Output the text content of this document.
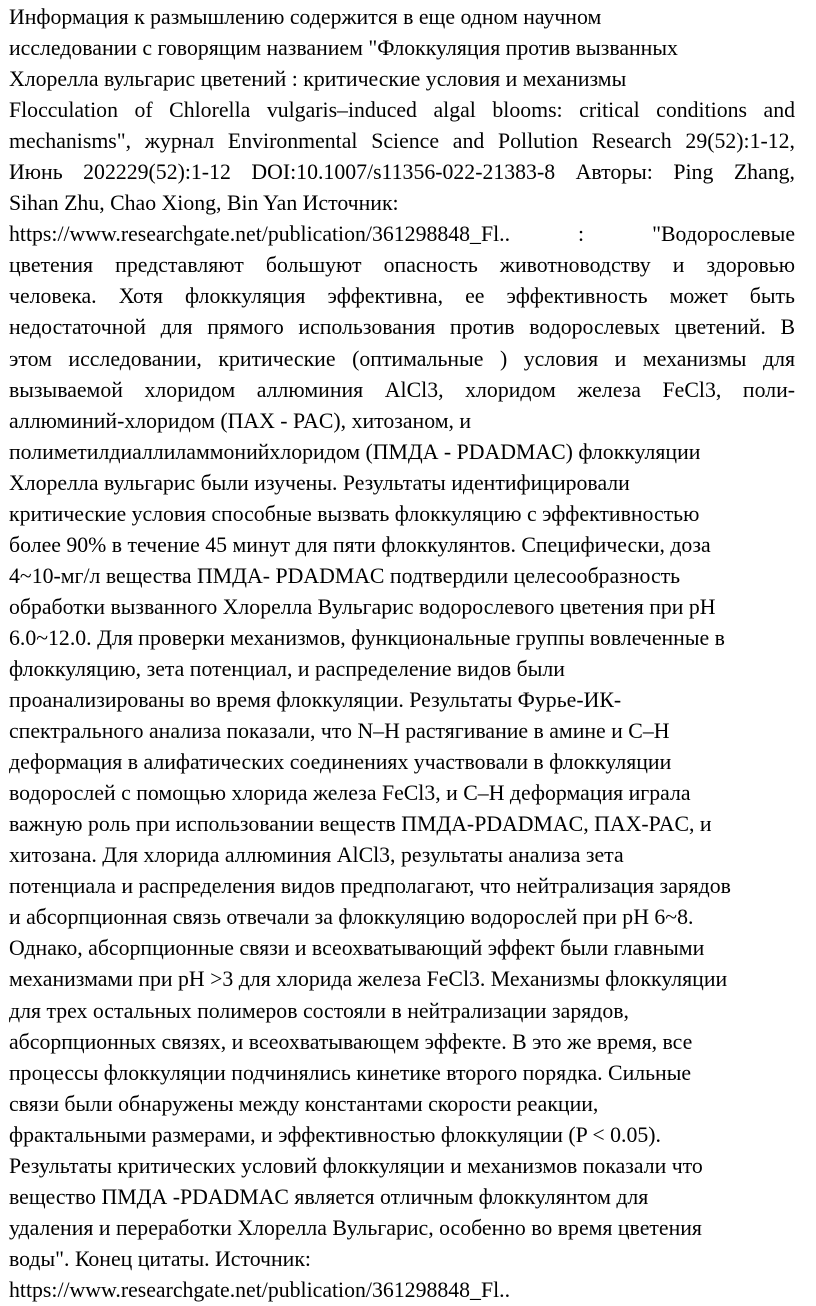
Информация к размышлению содержится в еще одном научном
исследовании с говорящим названием "Флоккуляция против вызванных
Хлорелла вульгарис цветений : критические условия и механизмы
Flocculation of Chlorella vulgaris–induced algal blooms: critical conditions and
mechanisms", журнал Environmental Science and Pollution Research 29(52):1-12,
Июнь 202229(52):1-12 DOI:10.1007/s11356-022-21383-8 Авторы: Ping Zhang,
Sihan Zhu, Chao Xiong, Bin Yan Источник:
https://www.researchgate.net/publication/361298848_Fl..	:	"Водорослевые
цветения представляют большуют опасность животноводству и здоровью
человека. Хотя флоккуляция эффективна, ее эффективность может быть
недостаточной для прямого использования против водорослевых цветений. В
этом исследовании, критические (оптимальные ) условия и механизмы для
вызываемой хлоридом аллюминия AlCl3, хлоридом железа FeCl3, поли-
аллюминий-хлоридом (ПАХ - PAC), хитозаном, и
полиметилдиаллиламмонийхлоридом (ПМДА - PDADMAC) флоккуляции
Хлорелла вульгарис были изучены. Результаты идентифицировали
критические условия способные вызвать флоккуляцию с эффективностью
более 90% в течение 45 минут для пяти флоккулянтов. Специфически, доза
4~10-мг/л вещества ПМДА- PDADMAC подтвердили целесообразность
обработки вызванного Хлорелла Вульгарис водорослевого цветения при pH
6.0~12.0. Для проверки механизмов, функциональные группы вовлеченные в
флоккуляцию, зета потенциал, и распределение видов были
проанализированы во время флоккуляции. Результаты Фурье-ИК-
спектрального анализа показали, что N–H растягивание в амине и C–H
деформация в алифатических соединениях участвовали в флоккуляции
водорослей с помощью хлорида железа FeCl3, и C–H деформация играла
важную роль при использовании веществ ПМДА-PDADMAC, ПАХ-PAC, и
хитозана. Для хлорида аллюминия AlCl3, результаты анализа зета
потенциала и распределения видов предполагают, что нейтрализация зарядов
и абсорпционная связь отвечали за флоккуляцию водорослей при pH 6~8.
Однако, абсорпционные связи и всеохватывающий эффект были главными
механизмами при pH >3 для хлорида железа FeCl3. Механизмы флоккуляции
для трех остальных полимеров состояли в нейтрализации зарядов,
абсорпционных связях, и всеохватывающем эффекте. В это же время, все
процессы флоккуляции подчинялись кинетике второго порядка. Сильные
связи были обнаружены между константами скорости реакции,
фрактальными размерами, и эффективностью флоккуляции (P < 0.05).
Результаты критических условий флоккуляции и механизмов показали что
вещество ПМДА -PDADMAC является отличным флоккулянтом для
удаления и переработки Хлорелла Вульгарис, особенно во время цветения
воды". Конец цитаты. Источник:
https://www.researchgate.net/publication/361298848_Fl..
